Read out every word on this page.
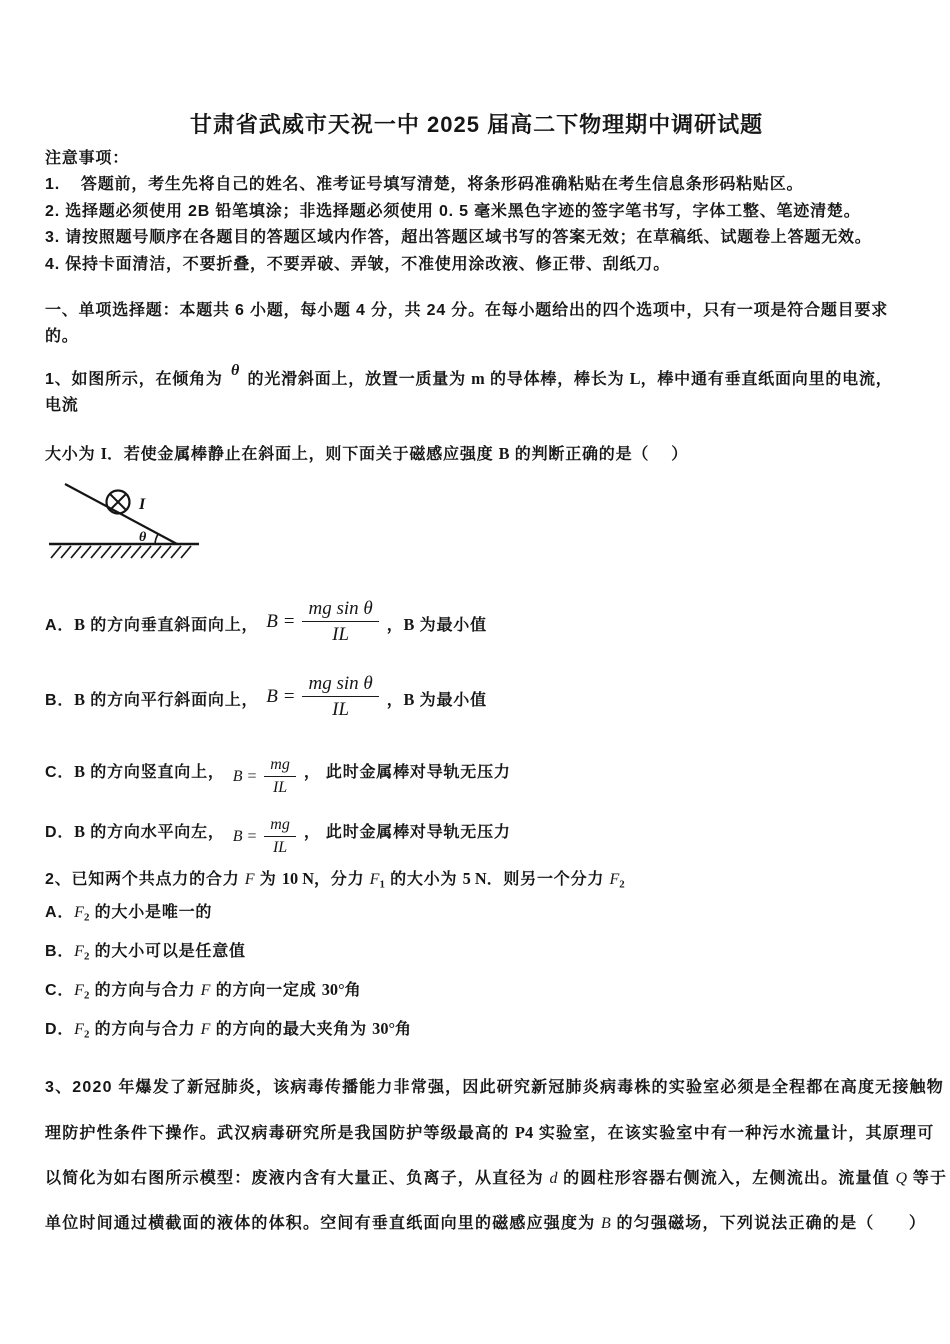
甘肃省武威市天祝一中 2025 届高二下物理期中调研试题
注意事项：
1.    答题前，考生先将自己的姓名、准考证号填写清楚，将条形码准确粘贴在考生信息条形码粘贴区。
2. 选择题必须使用 2B 铅笔填涂；非选择题必须使用 0. 5 毫米黑色字迹的签字笔书写，字体工整、笔迹清楚。
3. 请按照题号顺序在各题目的答题区域内作答，超出答题区域书写的答案无效；在草稿纸、试题卷上答题无效。
4. 保持卡面清洁，不要折叠，不要弄破、弄皱，不准使用涂改液、修正带、刮纸刀。
一、单项选择题：本题共 6 小题，每小题 4 分，共 24 分。在每小题给出的四个选项中，只有一项是符合题目要求的。
1、如图所示，在倾角为 θ 的光滑斜面上，放置一质量为 m 的导体棒，棒长为 L，棒中通有垂直纸面向里的电流，电流
大小为 I．若使金属棒静止在斜面上，则下面关于磁感应强度 B 的判断正确的是（　 ）
I
θ
A．B 的方向垂直斜面向上， $B = \frac{\text{mg sin θ}}{IL}$ ，B 为最小值
B．B 的方向平行斜面向上， $B = \frac{\text{mg sin θ}}{IL}$ ，B 为最小值
C．B 的方向竖直向上， $B = \frac{mg}{IL}$ ， 此时金属棒对导轨无压力
D．B 的方向水平向左， $B = \frac{mg}{IL}$ ， 此时金属棒对导轨无压力
2、已知两个共点力的合力 F 为 10 N，分力 $F_1$ 的大小为 5 N．则另一个分力 $F_2$
A．$F_2$ 的大小是唯一的
B．$F_2$ 的大小可以是任意值
C．$F_2$ 的方向与合力 F 的方向一定成 30°角
D．$F_2$ 的方向与合力 F 的方向的最大夹角为 30°角
3、2020 年爆发了新冠肺炎，该病毒传播能力非常强，因此研究新冠肺炎病毒株的实验室必须是全程都在高度无接触物
理防护性条件下操作。武汉病毒研究所是我国防护等级最高的 P4 实验室，在该实验室中有一种污水流量计，其原理可
以简化为如右图所示模型：废液内含有大量正、负离子，从直径为 d 的圆柱形容器右侧流入，左侧流出。流量值 Q 等于
单位时间通过横截面的液体的体积。空间有垂直纸面向里的磁感应强度为 B 的匀强磁场，下列说法正确的是（　　）
